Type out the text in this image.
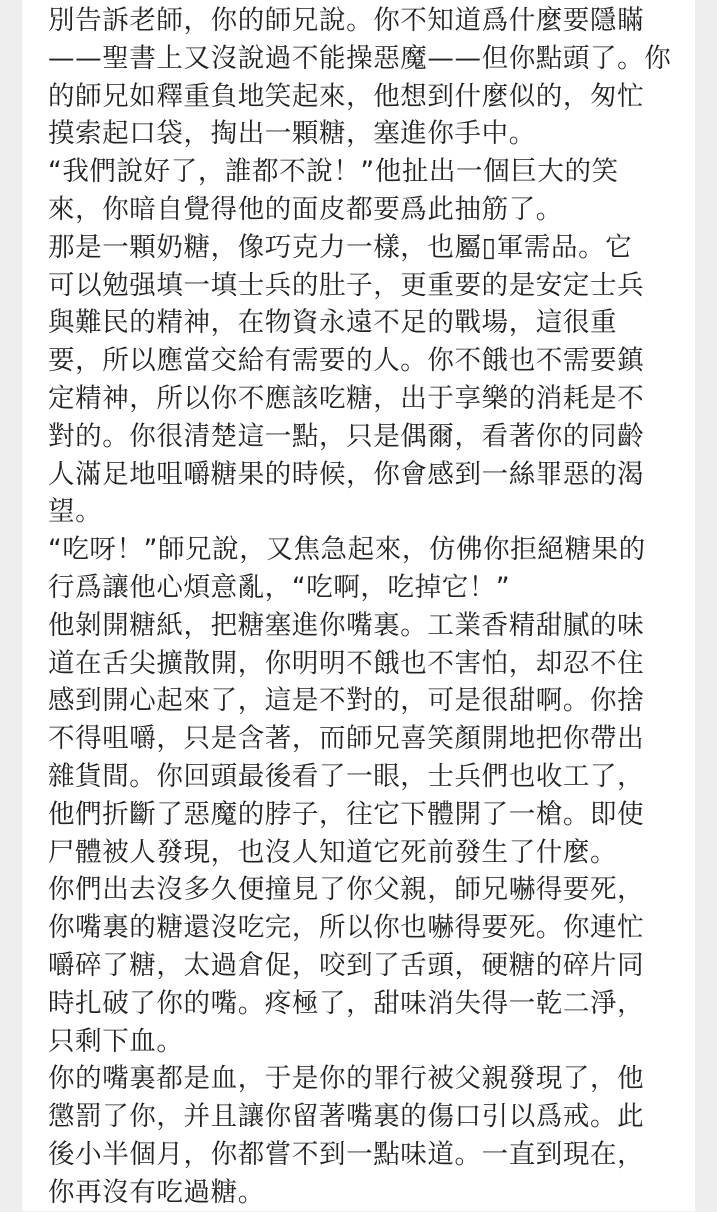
別告訴老師，你的師兄說。你不知道爲什麼要隱瞞
——聖書上又沒說過不能操惡魔——但你點頭了。你
的師兄如釋重負地笑起來，他想到什麼似的，匆忙
摸索起口袋，掏出一顆糖，塞進你手中。
“我們說好了，誰都不說！”他扯出一個巨大的笑
來，你暗自覺得他的面皮都要爲此抽筋了。
那是一顆奶糖，像巧克力一樣，也屬▯軍需品。它
可以勉强填一填士兵的肚子，更重要的是安定士兵
與難民的精神，在物資永遠不足的戰場，這很重
要，所以應當交給有需要的人。你不餓也不需要鎮
定精神，所以你不應該吃糖，出于享樂的消耗是不
對的。你很清楚這一點，只是偶爾，看著你的同齡
人滿足地咀嚼糖果的時候，你會感到一絲罪惡的渴
望。
“吃呀！”師兄說，又焦急起來，仿佛你拒絕糖果的
行爲讓他心煩意亂，“吃啊，吃掉它！”
他剝開糖紙，把糖塞進你嘴裏。工業香精甜膩的味
道在舌尖擴散開，你明明不餓也不害怕，却忍不住
感到開心起來了，這是不對的，可是很甜啊。你捨
不得咀嚼，只是含著，而師兄喜笑顏開地把你帶出
雜貨間。你回頭最後看了一眼，士兵們也收工了，
他們折斷了惡魔的脖子，往它下體開了一槍。即使
尸體被人發現，也沒人知道它死前發生了什麼。
你們出去沒多久便撞見了你父親，師兄嚇得要死，
你嘴裏的糖還沒吃完，所以你也嚇得要死。你連忙
嚼碎了糖，太過倉促，咬到了舌頭，硬糖的碎片同
時扎破了你的嘴。疼極了，甜味消失得一乾二淨，
只剩下血。
你的嘴裏都是血，于是你的罪行被父親發現了，他
懲罰了你，并且讓你留著嘴裏的傷口引以爲戒。此
後小半個月，你都嘗不到一點味道。一直到現在，
你再沒有吃過糖。
